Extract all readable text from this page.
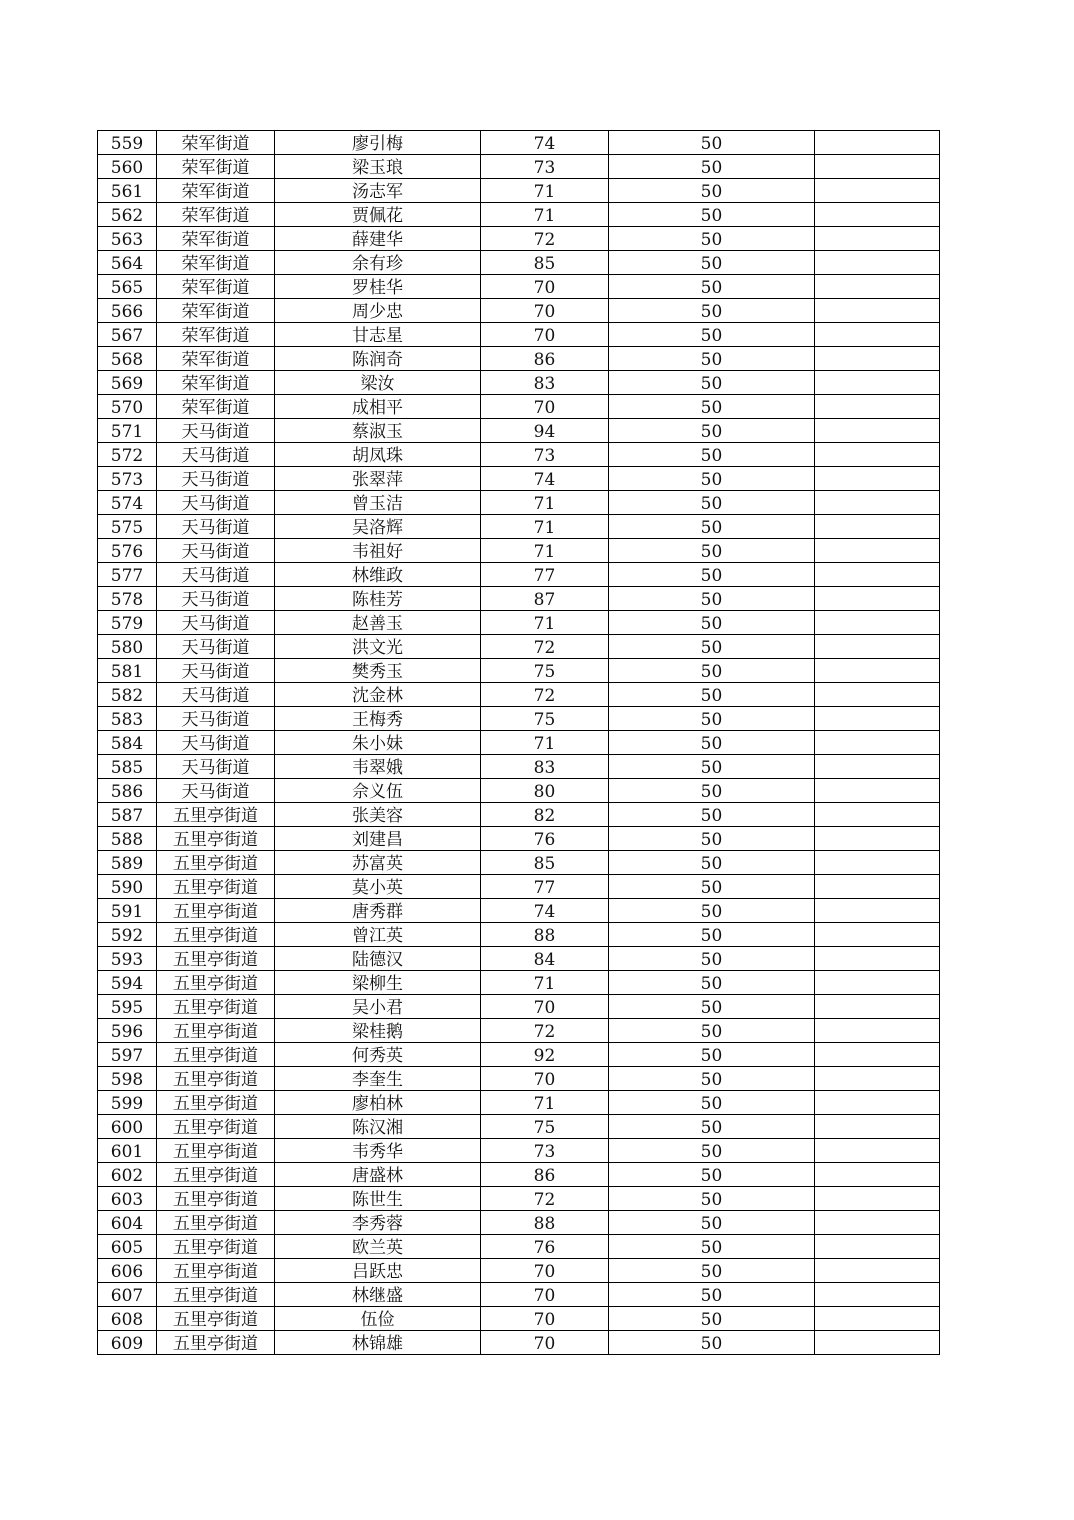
559	荣军街道	廖引梅	74	50	
560	荣军街道	梁玉琅	73	50	
561	荣军街道	汤志军	71	50	
562	荣军街道	贾佩花	71	50	
563	荣军街道	薛建华	72	50	
564	荣军街道	余有珍	85	50	
565	荣军街道	罗桂华	70	50	
566	荣军街道	周少忠	70	50	
567	荣军街道	甘志星	70	50	
568	荣军街道	陈润奇	86	50	
569	荣军街道	梁汝	83	50	
570	荣军街道	成相平	70	50	
571	天马街道	蔡淑玉	94	50	
572	天马街道	胡凤珠	73	50	
573	天马街道	张翠萍	74	50	
574	天马街道	曾玉洁	71	50	
575	天马街道	吴洛辉	71	50	
576	天马街道	韦祖好	71	50	
577	天马街道	林维政	77	50	
578	天马街道	陈桂芳	87	50	
579	天马街道	赵善玉	71	50	
580	天马街道	洪文光	72	50	
581	天马街道	樊秀玉	75	50	
582	天马街道	沈金林	72	50	
583	天马街道	王梅秀	75	50	
584	天马街道	朱小妹	71	50	
585	天马街道	韦翠娥	83	50	
586	天马街道	佘义伍	80	50	
587	五里亭街道	张美容	82	50	
588	五里亭街道	刘建昌	76	50	
589	五里亭街道	苏富英	85	50	
590	五里亭街道	莫小英	77	50	
591	五里亭街道	唐秀群	74	50	
592	五里亭街道	曾江英	88	50	
593	五里亭街道	陆德汉	84	50	
594	五里亭街道	梁柳生	71	50	
595	五里亭街道	吴小君	70	50	
596	五里亭街道	梁桂鹅	72	50	
597	五里亭街道	何秀英	92	50	
598	五里亭街道	李奎生	70	50	
599	五里亭街道	廖柏林	71	50	
600	五里亭街道	陈汉湘	75	50	
601	五里亭街道	韦秀华	73	50	
602	五里亭街道	唐盛林	86	50	
603	五里亭街道	陈世生	72	50	
604	五里亭街道	李秀蓉	88	50	
605	五里亭街道	欧兰英	76	50	
606	五里亭街道	吕跃忠	70	50	
607	五里亭街道	林继盛	70	50	
608	五里亭街道	伍俭	70	50	
609	五里亭街道	林锦雄	70	50	
